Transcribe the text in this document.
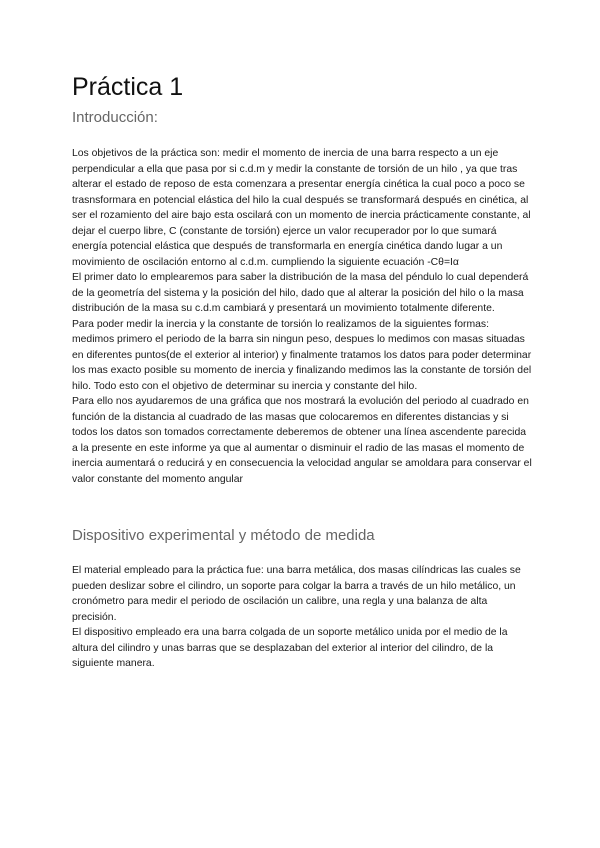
Práctica 1
Introducción:

Los objetivos de la práctica son: medir el momento de inercia de una barra respecto a un eje perpendicular a ella que pasa por si c.d.m y medir la constante de torsión de un hilo , ya que tras alterar el estado de reposo de esta comenzara a presentar energía cinética la cual poco a poco se trasnsformara en potencial elástica del hilo la cual después se transformará después en cinética, al ser el rozamiento del aire bajo esta oscilará con un momento de inercia prácticamente constante, al dejar el cuerpo libre, C (constante de torsión) ejerce un valor recuperador por lo que sumará energía potencial elástica que después de transformarla en energía cinética dando lugar a un movimiento de oscilación entorno al c.d.m. cumpliendo la siguiente ecuación -Cθ=Iα

El primer dato lo emplearemos para saber la distribución de la masa del péndulo lo cual dependerá de la geometría del sistema y la posición del hilo, dado que al alterar la posición del hilo o la masa distribución de la masa su c.d.m cambiará y presentará un movimiento totalmente diferente.

Para poder medir la inercia y la constante de torsión lo realizamos de la siguientes formas: medimos primero el periodo de la barra sin ningun peso, despues lo medimos con masas situadas en diferentes puntos(de el exterior al interior) y finalmente tratamos los datos para poder determinar los mas exacto posible su momento de inercia y finalizando medimos las la constante de torsión del hilo. Todo esto con el objetivo de determinar su inercia y constante del hilo.

Para ello nos ayudaremos de una gráfica que nos mostrará la evolución del periodo al cuadrado en función de la distancia al cuadrado de las masas que colocaremos en diferentes distancias y si todos los datos son tomados correctamente deberemos de obtener una línea ascendente parecida a la presente en este informe ya que al aumentar o disminuir el radio de las masas el momento de inercia aumentará o reducirá y en consecuencia la velocidad angular se amoldara para conservar el valor constante del momento angular

Dispositivo experimental y método de medida

El material empleado para la práctica fue: una barra metálica, dos masas cilíndricas las cuales se pueden deslizar sobre el cilindro, un soporte para colgar la barra a través de un hilo metálico, un cronómetro para medir el periodo de oscilación un calibre, una regla y una balanza de alta precisión.

El dispositivo empleado era una barra colgada de un soporte metálico unida por el medio de la altura del cilindro y unas barras que se desplazaban del exterior al interior del cilindro, de la siguiente manera.
